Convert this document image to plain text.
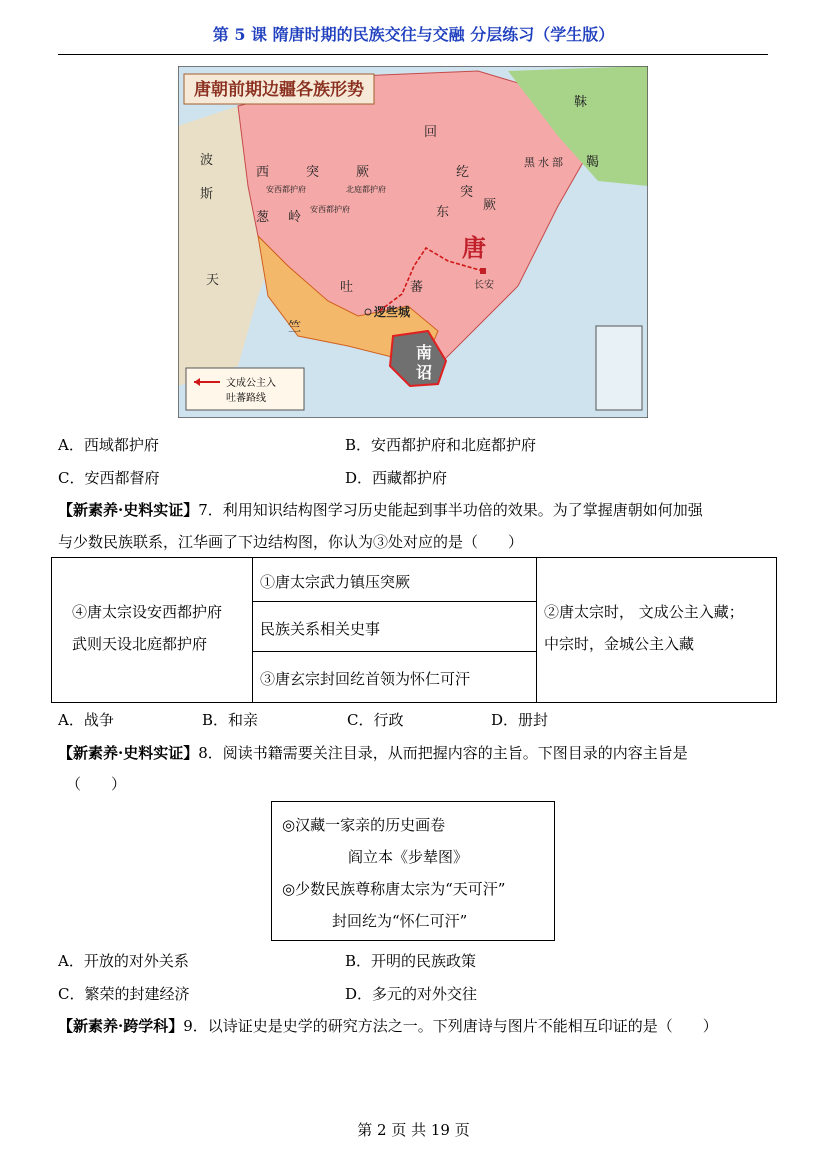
第 5 课 隋唐时期的民族交往与交融 分层练习（学生版）
唐朝前期边疆各族形势
波
斯
西	突	厥
安西都护府	北庭都护府
安西都护府
葱 岭
回
纥
东
突
厥
黑 水 部
靺
鞨
天
竺
吐	蕃
逻些城
长安
唐
南
诏
文成公主入
吐蕃路线
A．西域都护府	B．安西都护府和北庭都护府
C．安西都督府	D．西藏都护府
【新素养·史料实证】7．利用知识结构图学习历史能起到事半功倍的效果。为了掌握唐朝如何加强
与少数民族联系，江华画了下边结构图，你认为③处对应的是（　　）
④唐太宗设安西都护府
武则天设北庭都护府
①唐太宗武力镇压突厥
民族关系相关史事
③唐玄宗封回纥首领为怀仁可汗
②唐太宗时， 文成公主入藏；
中宗时，金城公主入藏
A．战争	B．和亲	C．行政	D．册封
【新素养·史料实证】8．阅读书籍需要关注目录，从而把握内容的主旨。下图目录的内容主旨是
（　　）
◎汉藏一家亲的历史画卷
阎立本《步辇图》
◎少数民族尊称唐太宗为“天可汗”
封回纥为“怀仁可汗”
A．开放的对外关系	B．开明的民族政策
C．繁荣的封建经济	D．多元的对外交往
【新素养·跨学科】9．以诗证史是史学的研究方法之一。下列唐诗与图片不能相互印证的是（　　）
第 2 页 共 19 页
